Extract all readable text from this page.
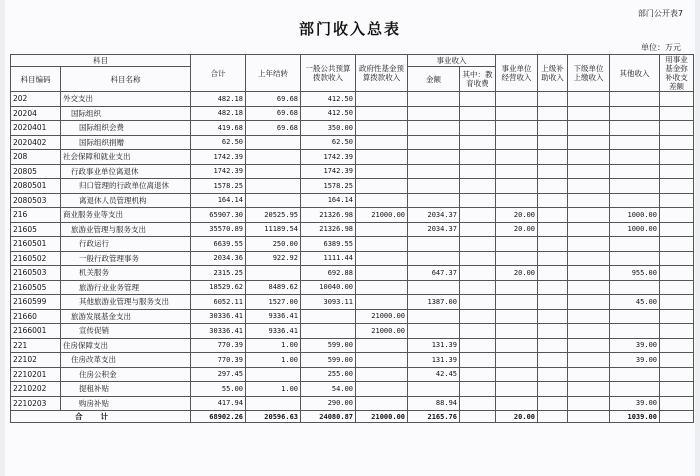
部门公开表7
部门收入总表
单位：万元
科目		合计	上年结转	一般公共预算拨款收入	政府性基金预算拨款收入	事业收入		事业单位经营收入	上级补助收入	下级单位上缴收入	其他收入	用事业基金弥补收支差额
科目编码	科目名称					金额	其中：教育收费					
202	外交支出	482.18	69.68	412.50								
20204	国际组织	482.18	69.68	412.50								
2020401	国际组织会费	419.68	69.68	350.00								
2020402	国际组织捐赠	62.50		62.50								
208	社会保障和就业支出	1742.39		1742.39								
20805	行政事业单位离退休	1742.39		1742.39								
2080501	归口管理的行政单位离退休	1578.25		1578.25								
2080503	离退休人员管理机构	164.14		164.14								
216	商业服务业等支出	65907.30	20525.95	21326.98	21000.00	2034.37		20.00			1000.00	
21605	旅游业管理与服务支出	35570.89	11189.54	21326.98		2034.37		20.00			1000.00	
2160501	行政运行	6639.55	250.00	6389.55								
2160502	一般行政管理事务	2034.36	922.92	1111.44								
2160503	机关服务	2315.25		692.88		647.37		20.00			955.00	
2160505	旅游行业业务管理	18529.62	8489.62	10040.00								
2160599	其他旅游业管理与服务支出	6052.11	1527.00	3093.11		1387.00					45.00	
21660	旅游发展基金支出	30336.41	9336.41		21000.00							
2166001	宣传促销	30336.41	9336.41		21000.00							
221	住房保障支出	770.39	1.00	599.00		131.39					39.00	
22102	住房改革支出	770.39	1.00	599.00		131.39					39.00	
2210201	住房公积金	297.45		255.00		42.45						
2210202	提租补贴	55.00	1.00	54.00								
2210203	购房补贴	417.94		290.00		88.94					39.00	
合计		68902.26	20596.63	24080.87	21000.00	2165.76		20.00			1039.00	
